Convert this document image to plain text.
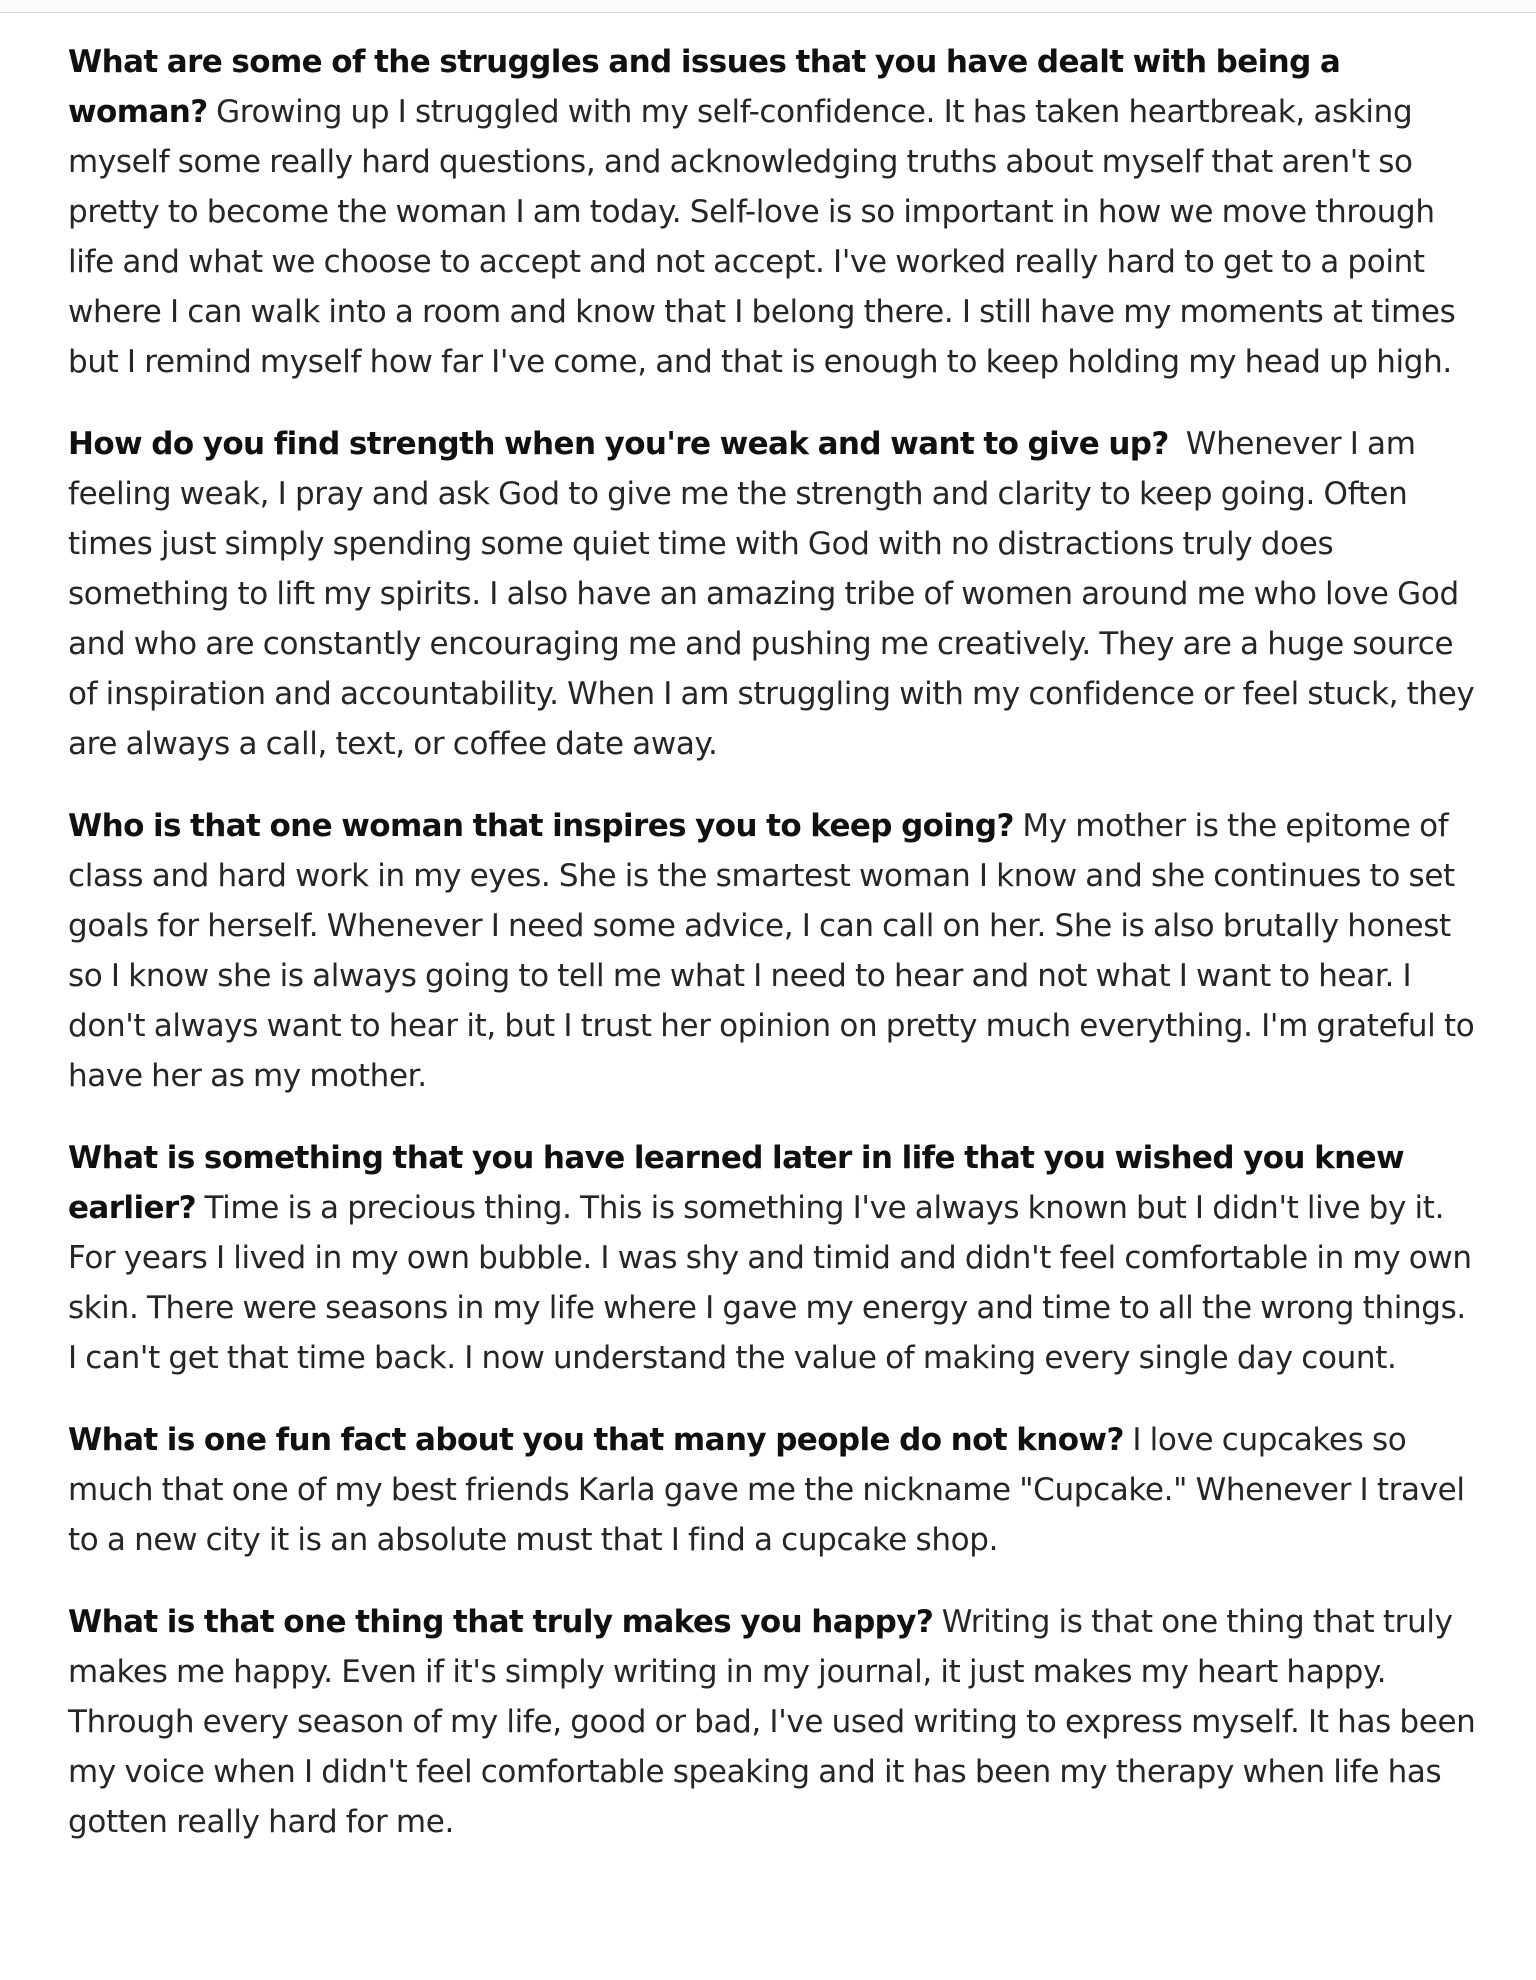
What are some of the struggles and issues that you have dealt with being a woman? Growing up I struggled with my self-confidence. It has taken heartbreak, asking myself some really hard questions, and acknowledging truths about myself that aren't so pretty to become the woman I am today. Self-love is so important in how we move through life and what we choose to accept and not accept. I've worked really hard to get to a point where I can walk into a room and know that I belong there. I still have my moments at times but I remind myself how far I've come, and that is enough to keep holding my head up high.

How do you find strength when you're weak and want to give up? Whenever I am feeling weak, I pray and ask God to give me the strength and clarity to keep going. Often times just simply spending some quiet time with God with no distractions truly does something to lift my spirits. I also have an amazing tribe of women around me who love God and who are constantly encouraging me and pushing me creatively. They are a huge source of inspiration and accountability. When I am struggling with my confidence or feel stuck, they are always a call, text, or coffee date away.

Who is that one woman that inspires you to keep going? My mother is the epitome of class and hard work in my eyes. She is the smartest woman I know and she continues to set goals for herself. Whenever I need some advice, I can call on her. She is also brutally honest so I know she is always going to tell me what I need to hear and not what I want to hear. I don't always want to hear it, but I trust her opinion on pretty much everything. I'm grateful to have her as my mother.

What is something that you have learned later in life that you wished you knew earlier? Time is a precious thing. This is something I've always known but I didn't live by it. For years I lived in my own bubble. I was shy and timid and didn't feel comfortable in my own skin. There were seasons in my life where I gave my energy and time to all the wrong things. I can't get that time back. I now understand the value of making every single day count.

What is one fun fact about you that many people do not know? I love cupcakes so much that one of my best friends Karla gave me the nickname "Cupcake." Whenever I travel to a new city it is an absolute must that I find a cupcake shop.

What is that one thing that truly makes you happy? Writing is that one thing that truly makes me happy. Even if it's simply writing in my journal, it just makes my heart happy. Through every season of my life, good or bad, I've used writing to express myself. It has been my voice when I didn't feel comfortable speaking and it has been my therapy when life has gotten really hard for me.
